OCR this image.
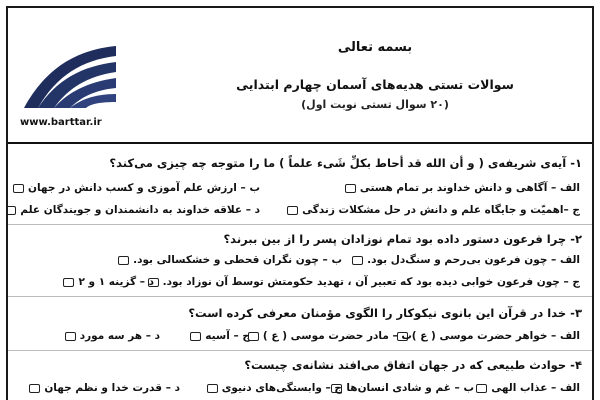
www.barttar.ir
بسمه تعالی
سوالات تستی هدیه‌های آسمان چهارم ابتدایی
(۲۰ سوال تستی نوبت اول)
۱- آیه‌ی شریفه‌ی ( و أن الله قد أحاط بکلِّ شَیء علماً ) ما را متوجه چه چیزی می‌کند؟
الف – آگاهی و دانش خداوند بر تمام هستی
ب – ارزش علم آموزی و کسب دانش در جهان
ج –اهمیّت و جایگاه علم و دانش در حل مشکلات زندگی
د – علاقه خداوند به دانشمندان و جویندگان علم
۲- چرا فرعون دستور داده بود تمام نوزادان پسر را از بین ببرند؟
الف – چون فرعون بی‌رحم و سنگ‌دل بود.
ب – چون نگران قحطی و خشکسالی بود.
ج – چون فرعون خوابی دیده بود که تعبیر آن ، تهدید حکومتش توسط آن نوزاد بود.
د – گزینه ۱ و ۲
۳- خدا در قرآن این بانوی نیکوکار را الگوی مؤمنان معرفی کرده است؟
الف – خواهر حضرت موسی ( ع )
ب – مادر حضرت موسی ( ع )
ج – آسیه
د – هر سه مورد
۴- حوادث طبیعی که در جهان اتفاق می‌افتد نشانه‌ی چیست؟
الف – عذاب الهی
ب – غم و شادی انسان‌ها
ج – وابستگی‌های دنیوی
د – قدرت خدا و نظم جهان
